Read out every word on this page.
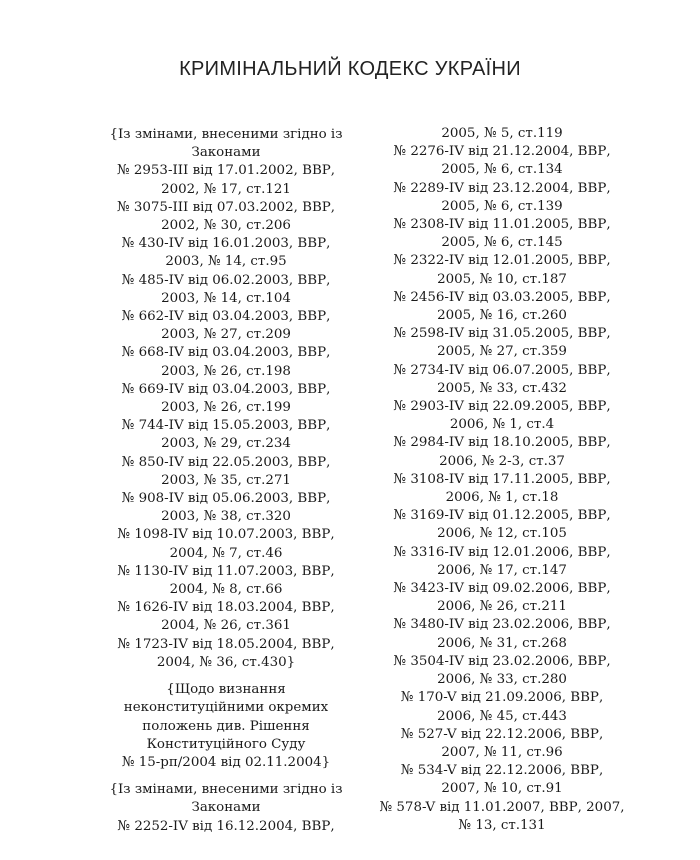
КРИМІНАЛЬНИЙ КОДЕКС УКРАЇНИ
{Із змінами, внесеними згідно із
Законами
№ 2953-III від 17.01.2002, ВВР,
2002, № 17, ст.121
№ 3075-III від 07.03.2002, ВВР,
2002, № 30, ст.206
№ 430-IV від 16.01.2003, ВВР,
2003, № 14, ст.95
№ 485-IV від 06.02.2003, ВВР,
2003, № 14, ст.104
№ 662-IV від 03.04.2003, ВВР,
2003, № 27, ст.209
№ 668-IV від 03.04.2003, ВВР,
2003, № 26, ст.198
№ 669-IV від 03.04.2003, ВВР,
2003, № 26, ст.199
№ 744-IV від 15.05.2003, ВВР,
2003, № 29, ст.234
№ 850-IV від 22.05.2003, ВВР,
2003, № 35, ст.271
№ 908-IV від 05.06.2003, ВВР,
2003, № 38, ст.320
№ 1098-IV від 10.07.2003, ВВР,
2004, № 7, ст.46
№ 1130-IV від 11.07.2003, ВВР,
2004, № 8, ст.66
№ 1626-IV від 18.03.2004, ВВР,
2004, № 26, ст.361
№ 1723-IV від 18.05.2004, ВВР,
2004, № 36, ст.430}
{Щодо визнання
неконституційними окремих
положень див. Рішення
Конституційного Суду
№ 15-рп/2004 від 02.11.2004}
{Із змінами, внесеними згідно із
Законами
№ 2252-IV від 16.12.2004, ВВР,
2005, № 5, ст.119
№ 2276-IV від 21.12.2004, ВВР,
2005, № 6, ст.134
№ 2289-IV від 23.12.2004, ВВР,
2005, № 6, ст.139
№ 2308-IV від 11.01.2005, ВВР,
2005, № 6, ст.145
№ 2322-IV від 12.01.2005, ВВР,
2005, № 10, ст.187
№ 2456-IV від 03.03.2005, ВВР,
2005, № 16, ст.260
№ 2598-IV від 31.05.2005, ВВР,
2005, № 27, ст.359
№ 2734-IV від 06.07.2005, ВВР,
2005, № 33, ст.432
№ 2903-IV від 22.09.2005, ВВР,
2006, № 1, ст.4
№ 2984-IV від 18.10.2005, ВВР,
2006, № 2-3, ст.37
№ 3108-IV від 17.11.2005, ВВР,
2006, № 1, ст.18
№ 3169-IV від 01.12.2005, ВВР,
2006, № 12, ст.105
№ 3316-IV від 12.01.2006, ВВР,
2006, № 17, ст.147
№ 3423-IV від 09.02.2006, ВВР,
2006, № 26, ст.211
№ 3480-IV від 23.02.2006, ВВР,
2006, № 31, ст.268
№ 3504-IV від 23.02.2006, ВВР,
2006, № 33, ст.280
№ 170-V від 21.09.2006, ВВР,
2006, № 45, ст.443
№ 527-V від 22.12.2006, ВВР,
2007, № 11, ст.96
№ 534-V від 22.12.2006, ВВР,
2007, № 10, ст.91
№ 578-V від 11.01.2007, ВВР, 2007,
№ 13, ст.131
